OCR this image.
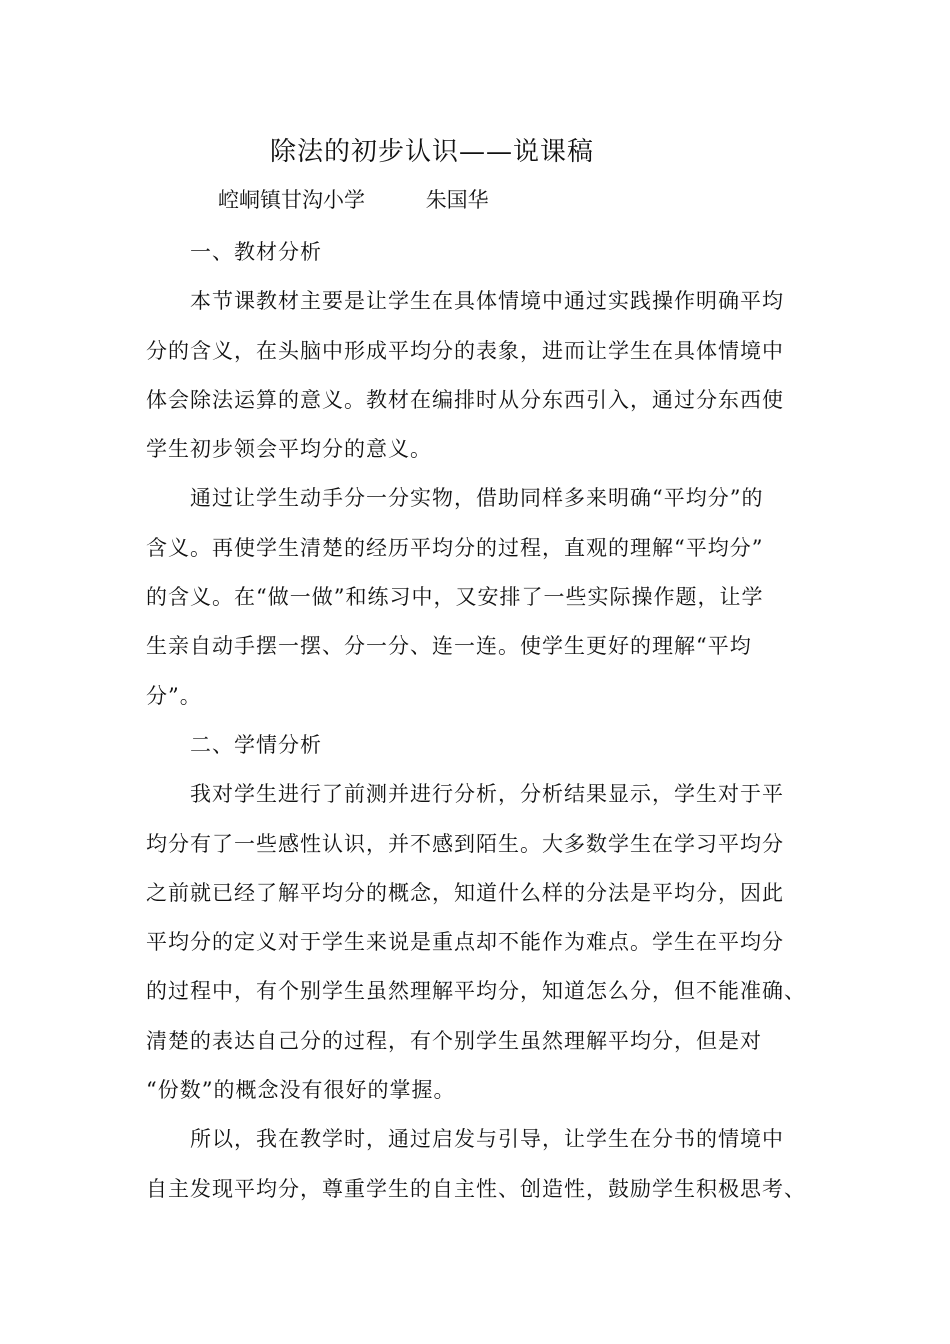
除法的初步认识——说课稿
崆峒镇甘沟小学	朱国华
一、教材分析
本节课教材主要是让学生在具体情境中通过实践操作明确平均
分的含义，在头脑中形成平均分的表象，进而让学生在具体情境中
体会除法运算的意义。教材在编排时从分东西引入，通过分东西使
学生初步领会平均分的意义。
通过让学生动手分一分实物，借助同样多来明确“平均分”的
含义。再使学生清楚的经历平均分的过程，直观的理解“平均分”
的含义。在“做一做”和练习中，又安排了一些实际操作题，让学
生亲自动手摆一摆、分一分、连一连。使学生更好的理解“平均
分”。
二、学情分析
我对学生进行了前测并进行分析，分析结果显示，学生对于平
均分有了一些感性认识，并不感到陌生。大多数学生在学习平均分
之前就已经了解平均分的概念，知道什么样的分法是平均分，因此
平均分的定义对于学生来说是重点却不能作为难点。学生在平均分
的过程中，有个别学生虽然理解平均分，知道怎么分，但不能准确、
清楚的表达自己分的过程，有个别学生虽然理解平均分，但是对
“份数”的概念没有很好的掌握。
所以，我在教学时，通过启发与引导，让学生在分书的情境中
自主发现平均分，尊重学生的自主性、创造性，鼓励学生积极思考、
